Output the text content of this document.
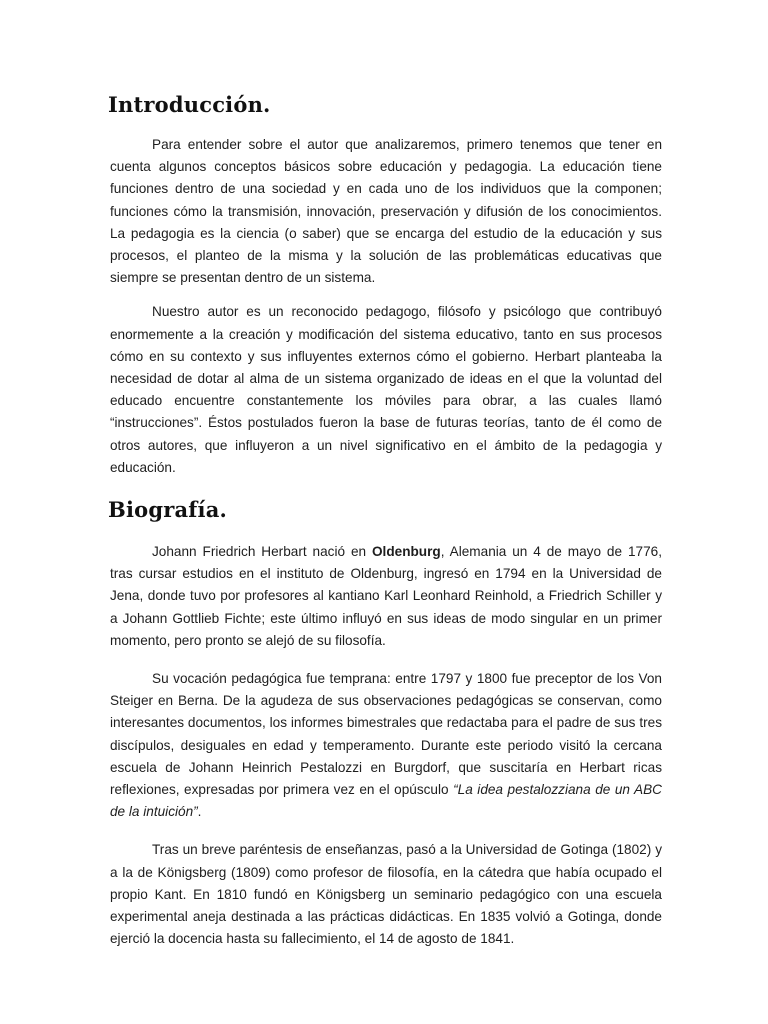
Introducción.

Para entender sobre el autor que analizaremos, primero tenemos que tener en cuenta algunos conceptos básicos sobre educación y pedagogia. La educación tiene funciones dentro de una sociedad y en cada uno de los individuos que la componen; funciones cómo la transmisión, innovación, preservación y difusión de los conocimientos. La pedagogia es la ciencia (o saber) que se encarga del estudio de la educación y sus procesos, el planteo de la misma y la solución de las problemáticas educativas que siempre se presentan dentro de un sistema.

Nuestro autor es un reconocido pedagogo, filósofo y psicólogo que contribuyó enormemente a la creación y modificación del sistema educativo, tanto en sus procesos cómo en su contexto y sus influyentes externos cómo el gobierno. Herbart planteaba la necesidad de dotar al alma de un sistema organizado de ideas en el que la voluntad del educado encuentre constantemente los móviles para obrar, a las cuales llamó “instrucciones”. Éstos postulados fueron la base de futuras teorías, tanto de él como de otros autores, que influyeron a un nivel significativo en el ámbito de la pedagogia y educación.

Biografía.

Johann Friedrich Herbart nació en Oldenburg, Alemania un 4 de mayo de 1776, tras cursar estudios en el instituto de Oldenburg, ingresó en 1794 en la Universidad de Jena, donde tuvo por profesores al kantiano Karl Leonhard Reinhold, a Friedrich Schiller y a Johann Gottlieb Fichte; este último influyó en sus ideas de modo singular en un primer momento, pero pronto se alejó de su filosofía.

Su vocación pedagógica fue temprana: entre 1797 y 1800 fue preceptor de los Von Steiger en Berna. De la agudeza de sus observaciones pedagógicas se conservan, como interesantes documentos, los informes bimestrales que redactaba para el padre de sus tres discípulos, desiguales en edad y temperamento. Durante este periodo visitó la cercana escuela de Johann Heinrich Pestalozzi en Burgdorf, que suscitaría en Herbart ricas reflexiones, expresadas por primera vez en el opúsculo “La idea pestalozziana de un ABC de la intuición”.

Tras un breve paréntesis de enseñanzas, pasó a la Universidad de Gotinga (1802) y a la de Königsberg (1809) como profesor de filosofía, en la cátedra que había ocupado el propio Kant. En 1810 fundó en Königsberg un seminario pedagógico con una escuela experimental aneja destinada a las prácticas didácticas. En 1835 volvió a Gotinga, donde ejerció la docencia hasta su fallecimiento, el 14 de agosto de 1841.
